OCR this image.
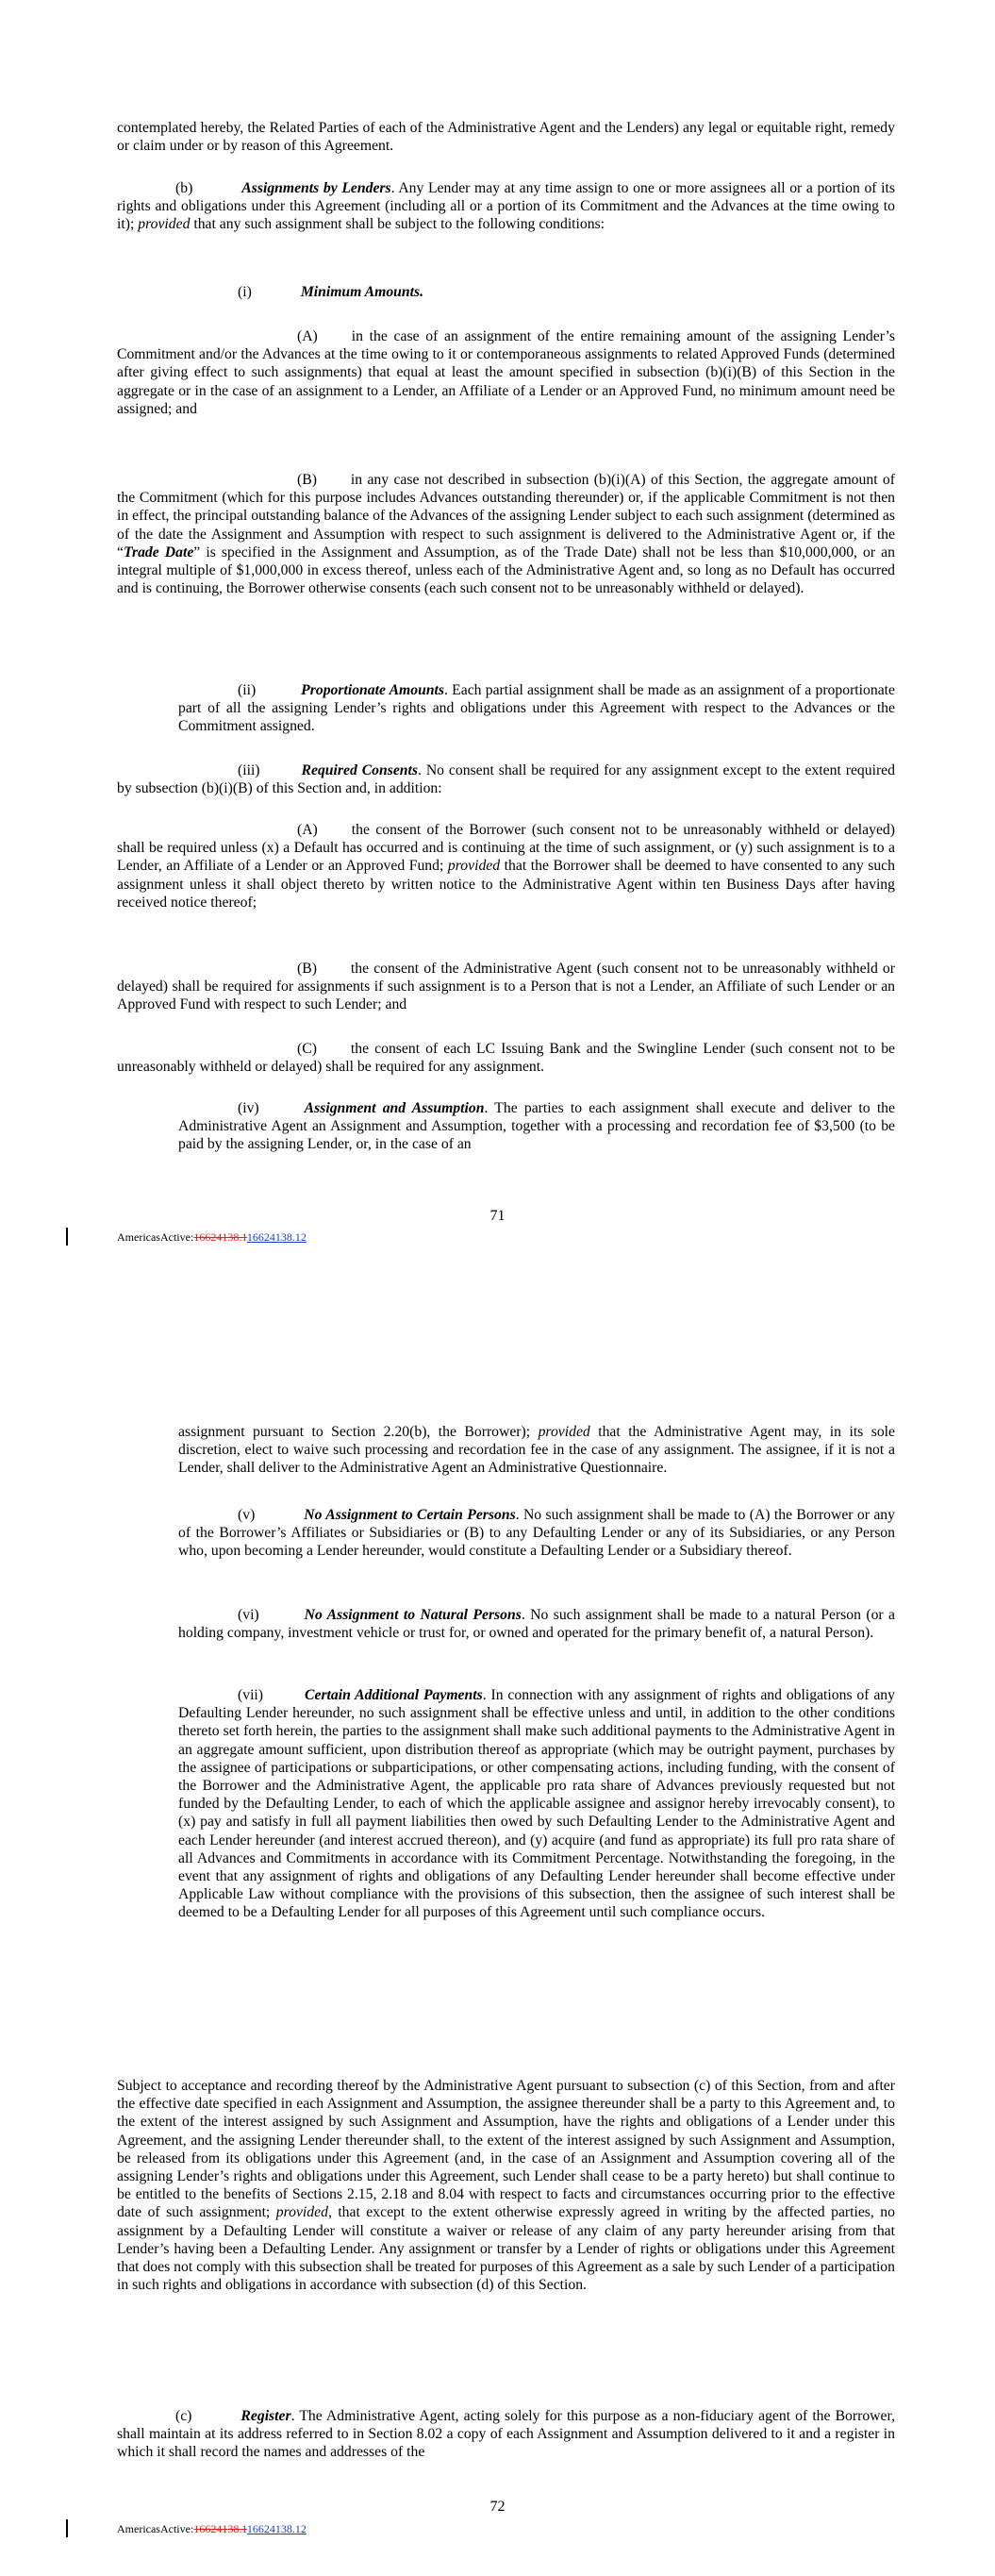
contemplated hereby, the Related Parties of each of the Administrative Agent and the Lenders) any legal or equitable right, remedy or claim under or by reason of this Agreement.
(b)	Assignments by Lenders. Any Lender may at any time assign to one or more assignees all or a portion of its rights and obligations under this Agreement (including all or a portion of its Commitment and the Advances at the time owing to it); provided that any such assignment shall be subject to the following conditions:
(i)	Minimum Amounts.
(A) in the case of an assignment of the entire remaining amount of the assigning Lender’s Commitment and/or the Advances at the time owing to it or contemporaneous assignments to related Approved Funds (determined after giving effect to such assignments) that equal at least the amount specified in subsection (b)(i)(B) of this Section in the aggregate or in the case of an assignment to a Lender, an Affiliate of a Lender or an Approved Fund, no minimum amount need be assigned; and
(B) in any case not described in subsection (b)(i)(A) of this Section, the aggregate amount of the Commitment (which for this purpose includes Advances outstanding thereunder) or, if the applicable Commitment is not then in effect, the principal outstanding balance of the Advances of the assigning Lender subject to each such assignment (determined as of the date the Assignment and Assumption with respect to such assignment is delivered to the Administrative Agent or, if the “Trade Date” is specified in the Assignment and Assumption, as of the Trade Date) shall not be less than $10,000,000, or an integral multiple of $1,000,000 in excess thereof, unless each of the Administrative Agent and, so long as no Default has occurred and is continuing, the Borrower otherwise consents (each such consent not to be unreasonably withheld or delayed).
(ii)	Proportionate Amounts. Each partial assignment shall be made as an assignment of a proportionate part of all the assigning Lender’s rights and obligations under this Agreement with respect to the Advances or the Commitment assigned.
(iii)	Required Consents. No consent shall be required for any assignment except to the extent required by subsection (b)(i)(B) of this Section and, in addition:
(A) the consent of the Borrower (such consent not to be unreasonably withheld or delayed) shall be required unless (x) a Default has occurred and is continuing at the time of such assignment, or (y) such assignment is to a Lender, an Affiliate of a Lender or an Approved Fund; provided that the Borrower shall be deemed to have consented to any such assignment unless it shall object thereto by written notice to the Administrative Agent within ten Business Days after having received notice thereof;
(B) the consent of the Administrative Agent (such consent not to be unreasonably withheld or delayed) shall be required for assignments if such assignment is to a Person that is not a Lender, an Affiliate of such Lender or an Approved Fund with respect to such Lender; and
(C) the consent of each LC Issuing Bank and the Swingline Lender (such consent not to be unreasonably withheld or delayed) shall be required for any assignment.
(iv)	Assignment and Assumption. The parties to each assignment shall execute and deliver to the Administrative Agent an Assignment and Assumption, together with a processing and recordation fee of $3,500 (to be paid by the assigning Lender, or, in the case of an
71
AmericasActive:16624138.116624138.12
assignment pursuant to Section 2.20(b), the Borrower); provided that the Administrative Agent may, in its sole discretion, elect to waive such processing and recordation fee in the case of any assignment. The assignee, if it is not a Lender, shall deliver to the Administrative Agent an Administrative Questionnaire.
(v)	No Assignment to Certain Persons. No such assignment shall be made to (A) the Borrower or any of the Borrower’s Affiliates or Subsidiaries or (B) to any Defaulting Lender or any of its Subsidiaries, or any Person who, upon becoming a Lender hereunder, would constitute a Defaulting Lender or a Subsidiary thereof.
(vi)	No Assignment to Natural Persons. No such assignment shall be made to a natural Person (or a holding company, investment vehicle or trust for, or owned and operated for the primary benefit of, a natural Person).
(vii)	Certain Additional Payments. In connection with any assignment of rights and obligations of any Defaulting Lender hereunder, no such assignment shall be effective unless and until, in addition to the other conditions thereto set forth herein, the parties to the assignment shall make such additional payments to the Administrative Agent in an aggregate amount sufficient, upon distribution thereof as appropriate (which may be outright payment, purchases by the assignee of participations or subparticipations, or other compensating actions, including funding, with the consent of the Borrower and the Administrative Agent, the applicable pro rata share of Advances previously requested but not funded by the Defaulting Lender, to each of which the applicable assignee and assignor hereby irrevocably consent), to (x) pay and satisfy in full all payment liabilities then owed by such Defaulting Lender to the Administrative Agent and each Lender hereunder (and interest accrued thereon), and (y) acquire (and fund as appropriate) its full pro rata share of all Advances and Commitments in accordance with its Commitment Percentage. Notwithstanding the foregoing, in the event that any assignment of rights and obligations of any Defaulting Lender hereunder shall become effective under Applicable Law without compliance with the provisions of this subsection, then the assignee of such interest shall be deemed to be a Defaulting Lender for all purposes of this Agreement until such compliance occurs.
Subject to acceptance and recording thereof by the Administrative Agent pursuant to subsection (c) of this Section, from and after the effective date specified in each Assignment and Assumption, the assignee thereunder shall be a party to this Agreement and, to the extent of the interest assigned by such Assignment and Assumption, have the rights and obligations of a Lender under this Agreement, and the assigning Lender thereunder shall, to the extent of the interest assigned by such Assignment and Assumption, be released from its obligations under this Agreement (and, in the case of an Assignment and Assumption covering all of the assigning Lender’s rights and obligations under this Agreement, such Lender shall cease to be a party hereto) but shall continue to be entitled to the benefits of Sections 2.15, 2.18 and 8.04 with respect to facts and circumstances occurring prior to the effective date of such assignment; provided, that except to the extent otherwise expressly agreed in writing by the affected parties, no assignment by a Defaulting Lender will constitute a waiver or release of any claim of any party hereunder arising from that Lender’s having been a Defaulting Lender. Any assignment or transfer by a Lender of rights or obligations under this Agreement that does not comply with this subsection shall be treated for purposes of this Agreement as a sale by such Lender of a participation in such rights and obligations in accordance with subsection (d) of this Section.
(c)	Register. The Administrative Agent, acting solely for this purpose as a non-fiduciary agent of the Borrower, shall maintain at its address referred to in Section 8.02 a copy of each Assignment and Assumption delivered to it and a register in which it shall record the names and addresses of the
72
AmericasActive:16624138.116624138.12
